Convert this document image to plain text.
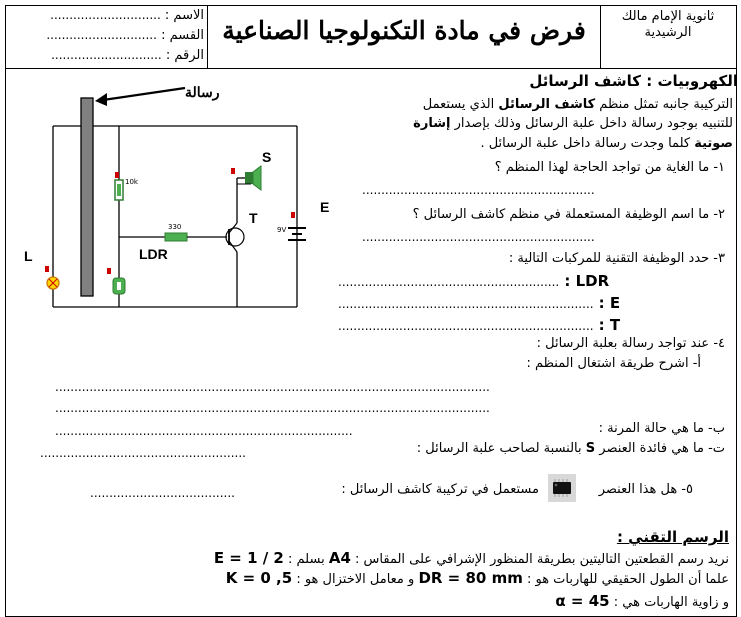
ثانوية الإمام مالك
الرشيدية
فرض في مادة التكنولوجيا الصناعية
الاسم : .............................
القسم : .............................
الرقم : .............................
10k
330	9V
رسالة
S
T
E
L	LDR
الكهروبيات : كاشف الرسائل
التركيبة جانبه تمثل منظم كاشف الرسائل الذي يستعمل
للتنبيه بوجود رسالة داخل علبة الرسائل وذلك بإصدار إشارة
صوتية كلما وجدت رسالة داخل علبة الرسائل .
١- ما الغاية من تواجد الحاجة لهذا المنظم ؟
.............................................................
٢- ما اسم الوظيفة المستعملة في منظم كاشف الرسائل ؟
.............................................................
٣- حدد الوظيفة التقنية للمركبات التالية :
.......................................................... : LDR
................................................................... : E
................................................................... : T
٤- عند تواجد رسالة بعلبة الرسائل :
أ- اشرح طريقة اشتغال المنظم :
..................................................................................................................
..................................................................................................................
ب- ما هي حالة المرنة :
..............................................................................
ت- ما هي فائدة العنصر S بالنسبة لصاحب علبة الرسائل :
......................................................
٥- هل هذا العنصر
مستعمل في تركيبة كاشف الرسائل :
......................................
الرسم التقني :
نريد رسم القطعتين التاليتين بطريقة المنظور الإشرافي على المقاس : A4 بسلم : E = 1 / 2
علما أن الطول الحقيقي للهاربات هو : DR = 80 mm و معامل الاختزال هو : K = 0 ,5
و زاوية الهاربات هي : α = 45
